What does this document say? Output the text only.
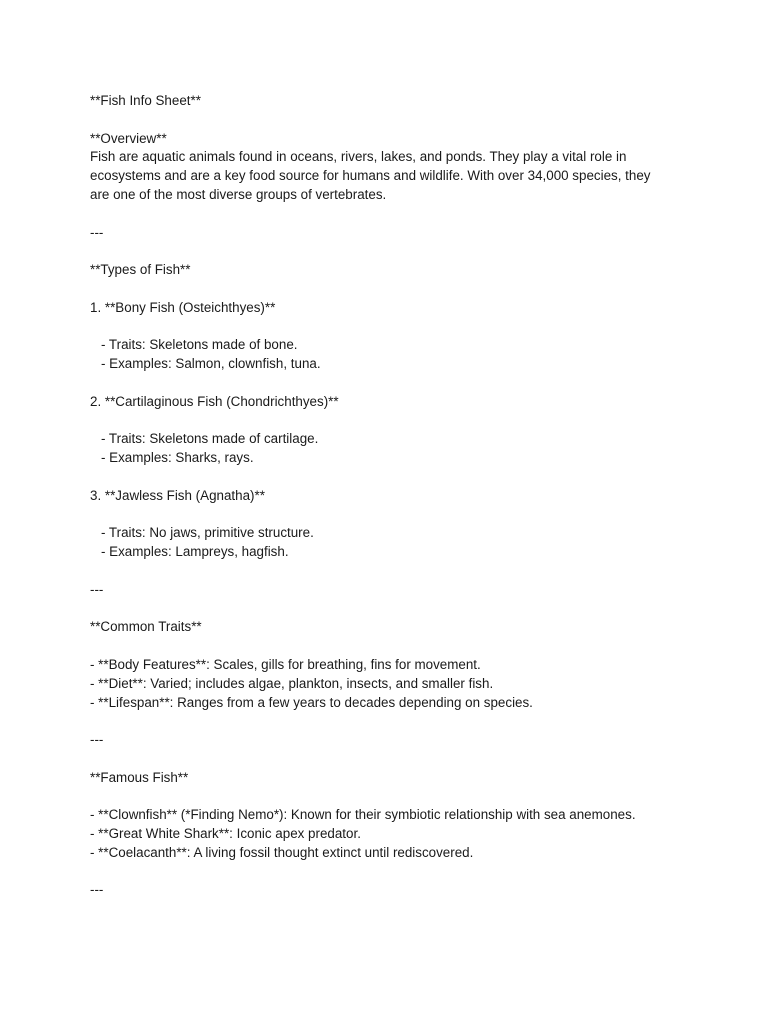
**Fish Info Sheet**
**Overview**
Fish are aquatic animals found in oceans, rivers, lakes, and ponds. They play a vital role in
ecosystems and are a key food source for humans and wildlife. With over 34,000 species, they
are one of the most diverse groups of vertebrates.
---
**Types of Fish**
1. **Bony Fish (Osteichthyes)**
- Traits: Skeletons made of bone.
- Examples: Salmon, clownfish, tuna.
2. **Cartilaginous Fish (Chondrichthyes)**
- Traits: Skeletons made of cartilage.
- Examples: Sharks, rays.
3. **Jawless Fish (Agnatha)**
- Traits: No jaws, primitive structure.
- Examples: Lampreys, hagfish.
---
**Common Traits**
- **Body Features**: Scales, gills for breathing, fins for movement.
- **Diet**: Varied; includes algae, plankton, insects, and smaller fish.
- **Lifespan**: Ranges from a few years to decades depending on species.
---
**Famous Fish**
- **Clownfish** (*Finding Nemo*): Known for their symbiotic relationship with sea anemones.
- **Great White Shark**: Iconic apex predator.
- **Coelacanth**: A living fossil thought extinct until rediscovered.
---
